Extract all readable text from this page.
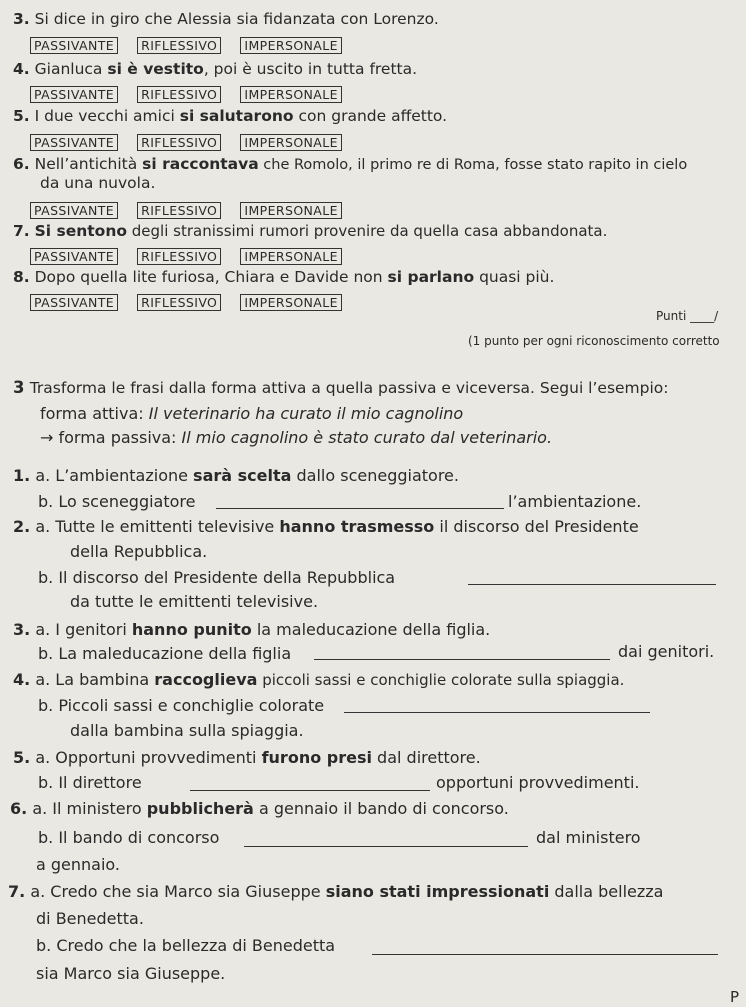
3. Si dice in giro che Alessia sia fidanzata con Lorenzo.
PASSIVANTE RIFLESSIVO IMPERSONALE
4. Gianluca si è vestito, poi è uscito in tutta fretta.
PASSIVANTE RIFLESSIVO IMPERSONALE
5. I due vecchi amici si salutarono con grande affetto.
PASSIVANTE RIFLESSIVO IMPERSONALE
6. Nell’antichità si raccontava che Romolo, il primo re di Roma, fosse stato rapito in cielo
da una nuvola.
PASSIVANTE RIFLESSIVO IMPERSONALE
7. Si sentono degli stranissimi rumori provenire da quella casa abbandonata.
PASSIVANTE RIFLESSIVO IMPERSONALE
8. Dopo quella lite furiosa, Chiara e Davide non si parlano quasi più.
PASSIVANTE RIFLESSIVO IMPERSONALE
Punti ____/
(1 punto per ogni riconoscimento corretto
3 Trasforma le frasi dalla forma attiva a quella passiva e viceversa. Segui l’esempio:
forma attiva: Il veterinario ha curato il mio cagnolino
→ forma passiva: Il mio cagnolino è stato curato dal veterinario.
1. a. L’ambientazione sarà scelta dallo sceneggiatore.
b. Lo sceneggiatore	l’ambientazione.
2. a. Tutte le emittenti televisive hanno trasmesso il discorso del Presidente
della Repubblica.
b. Il discorso del Presidente della Repubblica
da tutte le emittenti televisive.
3. a. I genitori hanno punito la maleducazione della figlia.
b. La maleducazione della figlia	dai genitori.
4. a. La bambina raccoglieva piccoli sassi e conchiglie colorate sulla spiaggia.
b. Piccoli sassi e conchiglie colorate
dalla bambina sulla spiaggia.
5. a. Opportuni provvedimenti furono presi dal direttore.
b. Il direttore	opportuni provvedimenti.
6. a. Il ministero pubblicherà a gennaio il bando di concorso.
b. Il bando di concorso	dal ministero
a gennaio.
7. a. Credo che sia Marco sia Giuseppe siano stati impressionati dalla bellezza
di Benedetta.
b. Credo che la bellezza di Benedetta
sia Marco sia Giuseppe.
P
